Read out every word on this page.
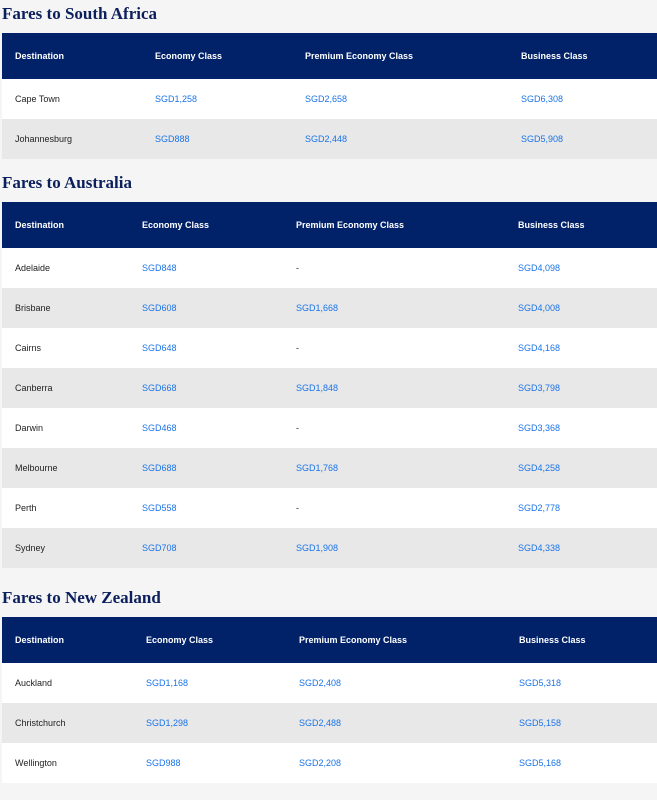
Fares to South Africa
Destination	Economy Class	Premium Economy Class	Business Class
Cape Town	SGD1,258	SGD2,658	SGD6,308
Johannesburg	SGD888	SGD2,448	SGD5,908
Fares to Australia
Destination	Economy Class	Premium Economy Class	Business Class
Adelaide	SGD848	-	SGD4,098
Brisbane	SGD608	SGD1,668	SGD4,008
Cairns	SGD648	-	SGD4,168
Canberra	SGD668	SGD1,848	SGD3,798
Darwin	SGD468	-	SGD3,368
Melbourne	SGD688	SGD1,768	SGD4,258
Perth	SGD558	-	SGD2,778
Sydney	SGD708	SGD1,908	SGD4,338
Fares to New Zealand
Destination	Economy Class	Premium Economy Class	Business Class
Auckland	SGD1,168	SGD2,408	SGD5,318
Christchurch	SGD1,298	SGD2,488	SGD5,158
Wellington	SGD988	SGD2,208	SGD5,168
